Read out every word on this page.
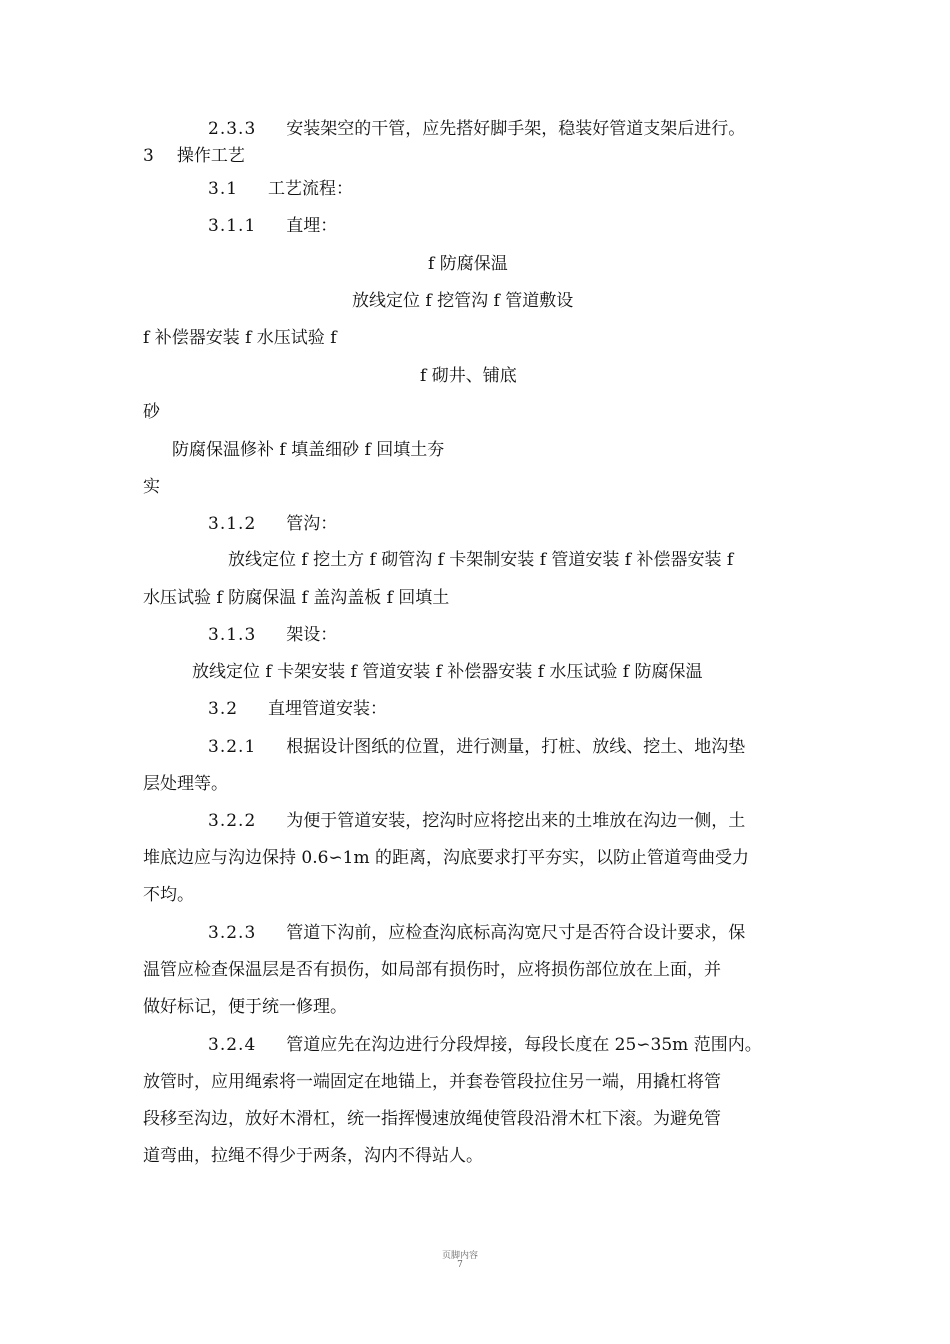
2.3.3 安装架空的干管，应先搭好脚手架，稳装好管道支架后进行。
3 操作工艺
3.1 工艺流程：
3.1.1 直埋：
f 防腐保温
放线定位 f 挖管沟 f 管道敷设
f 补偿器安装 f 水压试验 f
f 砌井、铺底
砂
防腐保温修补 f 填盖细砂 f 回填土夯
实
3.1.2 管沟：
放线定位 f 挖土方 f 砌管沟 f 卡架制安装 f 管道安装 f 补偿器安装 f
水压试验 f 防腐保温 f 盖沟盖板 f 回填土
3.1.3 架设：
放线定位 f 卡架安装 f 管道安装 f 补偿器安装 f 水压试验 f 防腐保温
3.2 直埋管道安装：
3.2.1 根据设计图纸的位置，进行测量，打桩、放线、挖土、地沟垫
层处理等。
3.2.2 为便于管道安装，挖沟时应将挖出来的土堆放在沟边一侧，土
堆底边应与沟边保持 0.6∽1m 的距离，沟底要求打平夯实，以防止管道弯曲受力
不均。
3.2.3 管道下沟前，应检查沟底标高沟宽尺寸是否符合设计要求，保
温管应检查保温层是否有损伤，如局部有损伤时，应将损伤部位放在上面，并
做好标记，便于统一修理。
3.2.4 管道应先在沟边进行分段焊接，每段长度在 25∽35m 范围内。
放管时，应用绳索将一端固定在地锚上，并套卷管段拉住另一端，用撬杠将管
段移至沟边，放好木滑杠，统一指挥慢速放绳使管段沿滑木杠下滚。为避免管
道弯曲，拉绳不得少于两条，沟内不得站人。
页脚内容
7
